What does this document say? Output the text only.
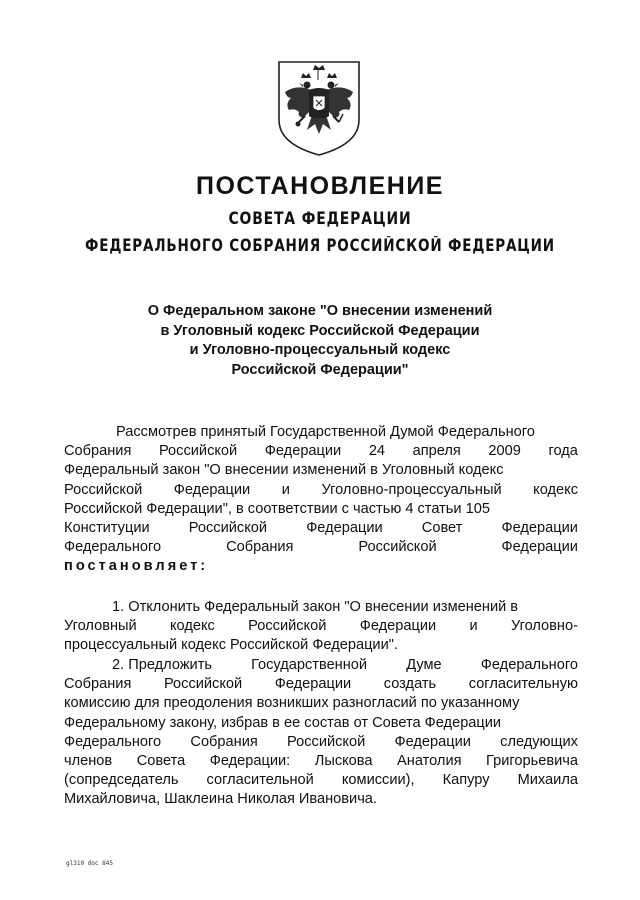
ПОСТАНОВЛЕНИЕ
СОВЕТА ФЕДЕРАЦИИ
ФЕДЕРАЛЬНОГО СОБРАНИЯ РОССИЙСКОЙ ФЕДЕРАЦИИ
О Федеральном законе "О внесении изменений
в Уголовный кодекс Российской Федерации
и Уголовно-процессуальный кодекс
Российской Федерации"
Рассмотрев принятый Государственной Думой Федерального
Собрания Российской Федерации 24 апреля 2009 года
Федеральный закон "О внесении изменений в Уголовный кодекс
Российской Федерации и Уголовно-процессуальный кодекс
Российской Федерации", в соответствии с частью 4 статьи 105
Конституции	Российской	Федерации	Совет	Федерации
Федерального	Собрания	Российской	Федерации
постановляет:
1. Отклонить Федеральный закон "О внесении изменений в
Уголовный кодекс Российской Федерации и Уголовно-
процессуальный кодекс Российской Федерации".
2. Предложить	Государственной	Думе	Федерального
Собрания Российской Федерации создать согласительную
комиссию для преодоления возникших разногласий по указанному
Федеральному закону, избрав в ее состав от Совета Федерации
Федерального Собрания Российской Федерации следующих
членов Совета Федерации: Лыскова Анатолия Григорьевича
(сопредседатель согласительной комиссии), Капуру Михаила
Михайловича, Шаклеина Николая Ивановича.
gl310 doc 845
